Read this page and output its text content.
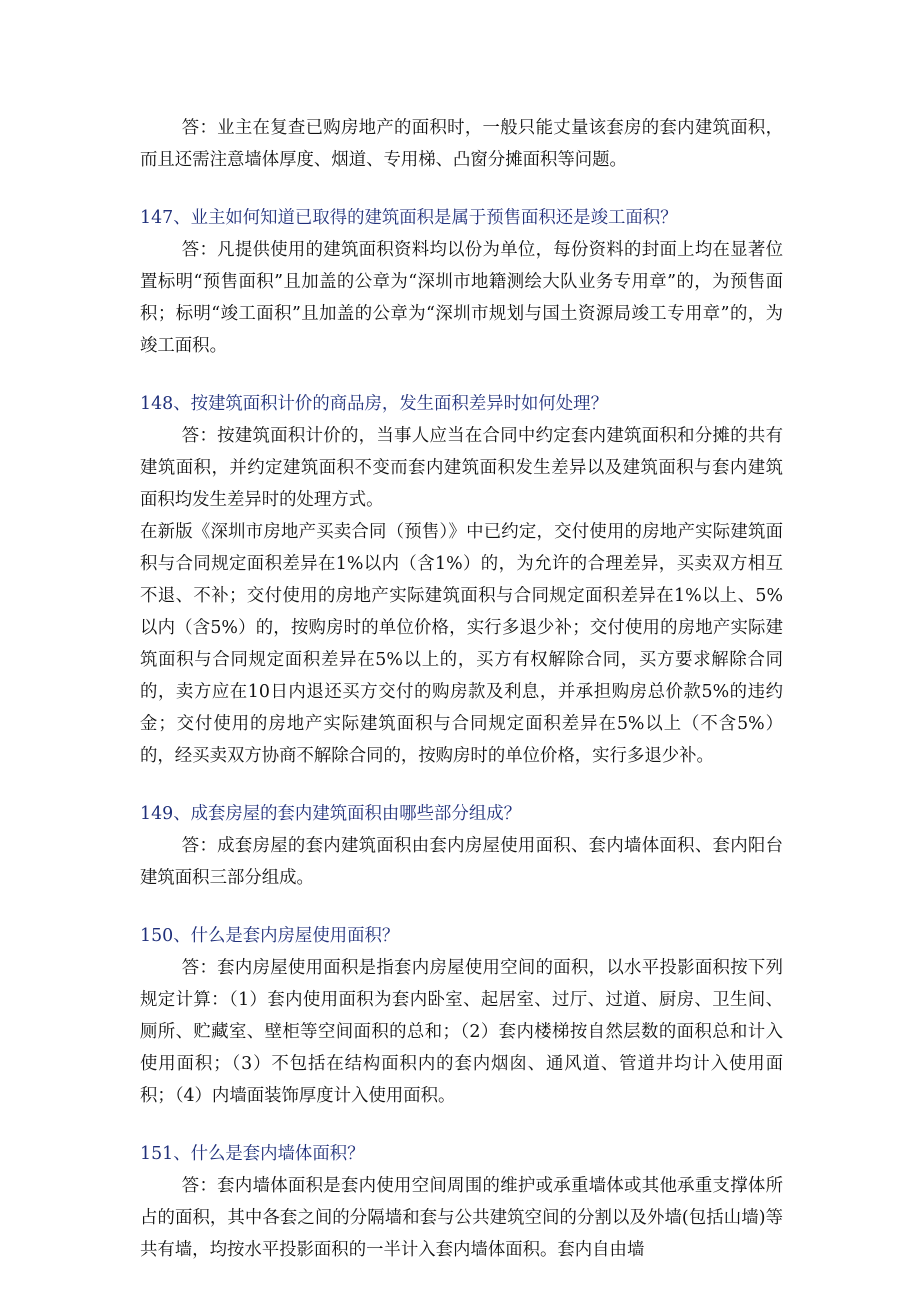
答：业主在复查已购房地产的面积时，一般只能丈量该套房的套内建筑面积，而且还需注意墙体厚度、烟道、专用梯、凸窗分摊面积等问题。

147、业主如何知道已取得的建筑面积是属于预售面积还是竣工面积？

答：凡提供使用的建筑面积资料均以份为单位，每份资料的封面上均在显著位置标明“预售面积”且加盖的公章为“深圳市地籍测绘大队业务专用章”的，为预售面积；标明“竣工面积”且加盖的公章为“深圳市规划与国土资源局竣工专用章”的，为竣工面积。

148、按建筑面积计价的商品房，发生面积差异时如何处理？

答：按建筑面积计价的，当事人应当在合同中约定套内建筑面积和分摊的共有建筑面积，并约定建筑面积不变而套内建筑面积发生差异以及建筑面积与套内建筑面积均发生差异时的处理方式。

在新版《深圳市房地产买卖合同（预售）》中已约定，交付使用的房地产实际建筑面积与合同规定面积差异在1%以内（含1%）的，为允许的合理差异，买卖双方相互不退、不补；交付使用的房地产实际建筑面积与合同规定面积差异在1%以上、5%以内（含5%）的，按购房时的单位价格，实行多退少补；交付使用的房地产实际建筑面积与合同规定面积差异在5%以上的，买方有权解除合同，买方要求解除合同的，卖方应在10日内退还买方交付的购房款及利息，并承担购房总价款5%的违约金；交付使用的房地产实际建筑面积与合同规定面积差异在5%以上（不含5%）的，经买卖双方协商不解除合同的，按购房时的单位价格，实行多退少补。

149、成套房屋的套内建筑面积由哪些部分组成？

答：成套房屋的套内建筑面积由套内房屋使用面积、套内墙体面积、套内阳台建筑面积三部分组成。

150、什么是套内房屋使用面积？

答：套内房屋使用面积是指套内房屋使用空间的面积，以水平投影面积按下列规定计算：（1）套内使用面积为套内卧室、起居室、过厅、过道、厨房、卫生间、厕所、贮藏室、壁柜等空间面积的总和；（2）套内楼梯按自然层数的面积总和计入使用面积；（3）不包括在结构面积内的套内烟囱、通风道、管道井均计入使用面积；（4）内墙面装饰厚度计入使用面积。

151、什么是套内墙体面积？

答：套内墙体面积是套内使用空间周围的维护或承重墙体或其他承重支撑体所占的面积，其中各套之间的分隔墙和套与公共建筑空间的分割以及外墙(包括山墙)等共有墙，均按水平投影面积的一半计入套内墙体面积。套内自由墙
